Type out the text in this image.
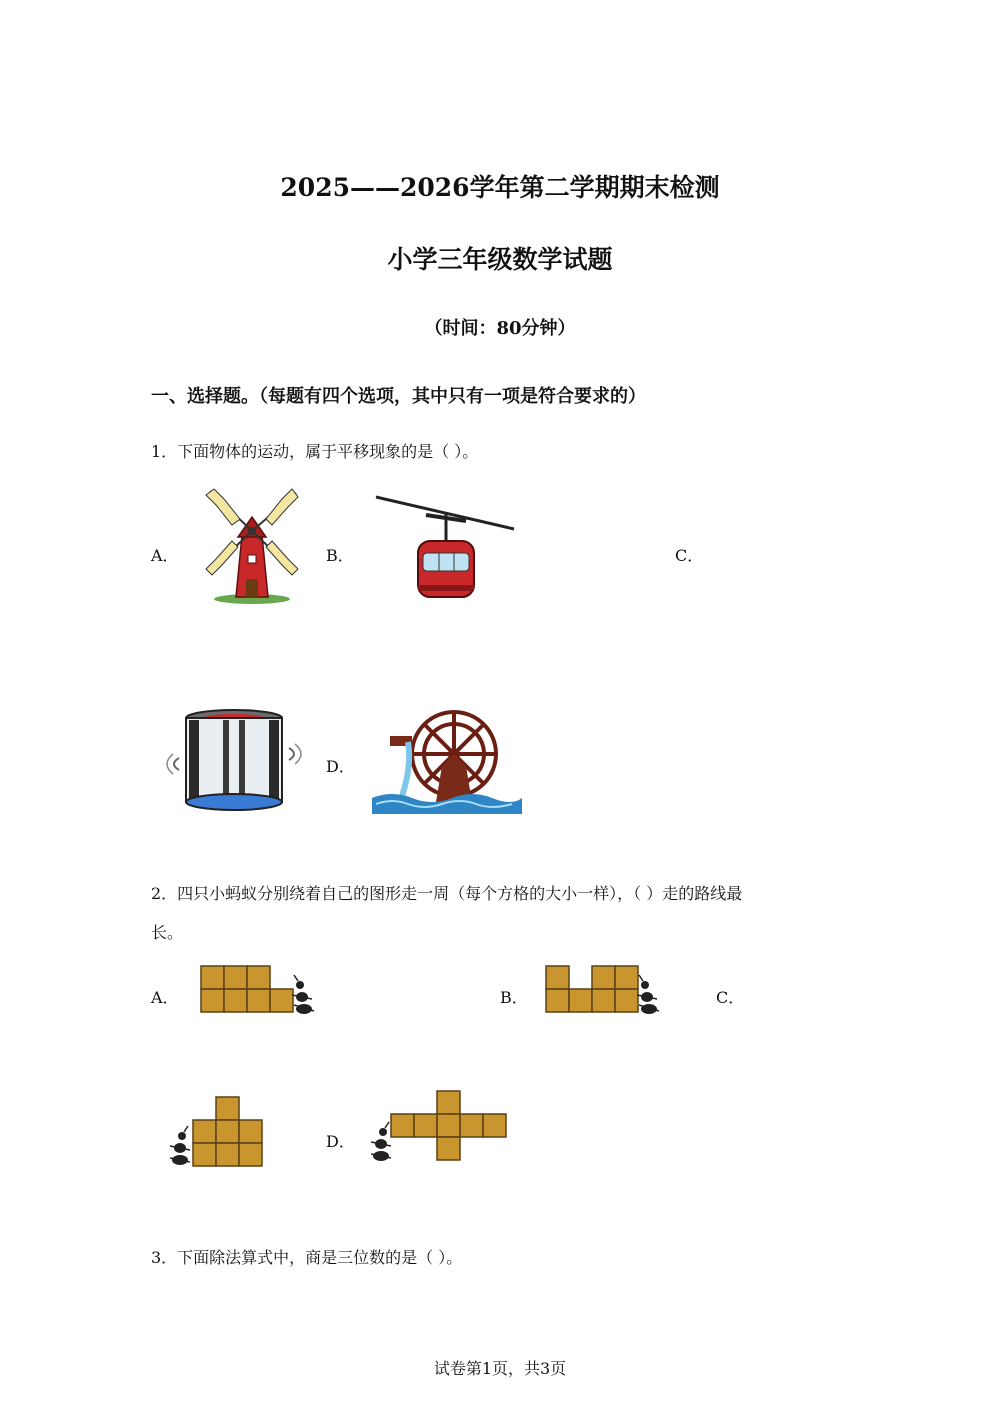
2025——2026学年第二学期期末检测
小学三年级数学试题
（时间：80分钟）
一、选择题。（每题有四个选项，其中只有一项是符合要求的）
1．下面物体的运动，属于平移现象的是（ ）。
A．	B．	C．
D．
2．四只小蚂蚁分别绕着自己的图形走一周（每个方格的大小一样），（ ）走的路线最
长。
A．	B．	C．
D．
3．下面除法算式中，商是三位数的是（ ）。
试卷第1页，共3页
